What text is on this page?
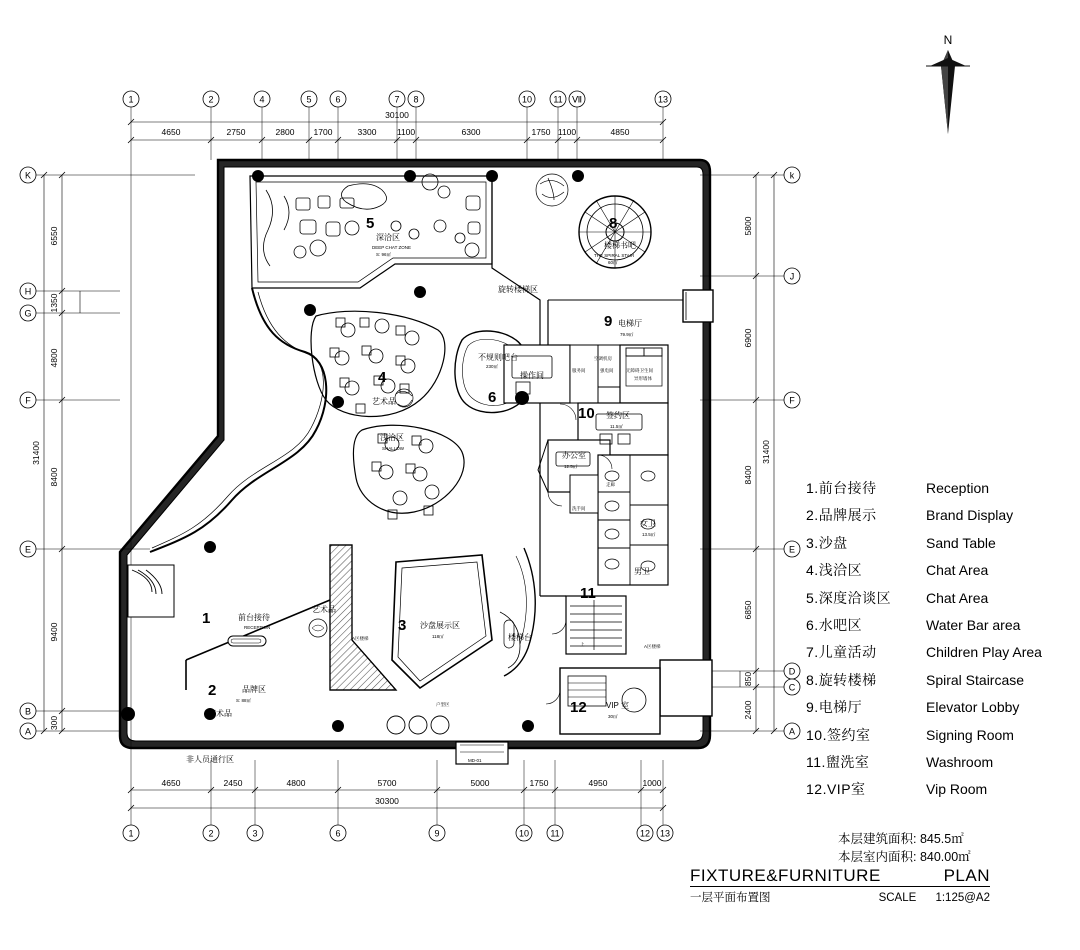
1	2	4	5	6	7 8	10 11 Ⅶ	13
4650	2750	2800 1700	3300 1100	6300	1750 1100	4850
30100
1	2	3	6	9	10 11	12 13
4650	2450	4800	5700	5000	1750	4950	1000
30300
K
H
G
F
E
B
A
6550
1350
4800
8400
9400
300
31400
k
J
F
E
D
C
A
5800
6900
8400
6850
850
2400
31400
5
深洽区
DEEP CHAT ZONE
S: 96㎡
4
艺术品
浅洽区
SHALLOW
8
楼梯书吧
THE SPIRAL STAIR
60㎡
旋转楼梯区
9 电梯厅
79.9㎡
6
不规则吧台
230㎡
操作间
服务间	强电间
空调机房
无障碍卫生间
异形墙体
10 签约区
11.5㎡
办公室
12.5㎡
走廊
洗手间
女卫
13.5㎡
男卫
11
1	前台接待
RECEPTION
艺术品
A区楼梯
2	品牌区
S: 88㎡
艺术品
3 沙盘展示区
118㎡	楼梯台
户型区	12 VIP 室
30㎡
A区楼梯
上
非人员通行区	MD-01
N
1.前台接待	Reception
2.品牌展示	Brand Display
3.沙盘	Sand Table
4.浅洽区	Chat Area
5.深度洽谈区	Chat Area
6.水吧区	Water Bar area
7.儿童活动	Children Play Area
8.旋转楼梯	Spiral Staircase
9.电梯厅	Elevator Lobby
10.签约室	Signing Room
11.盥洗室	Washroom
12.VIP室	Vip Room
本层建筑面积: 845.5㎡
本层室内面积: 840.00㎡
FIXTURE&FURNITURE	PLAN
一层平面布置图	SCALE 1:125@A2
